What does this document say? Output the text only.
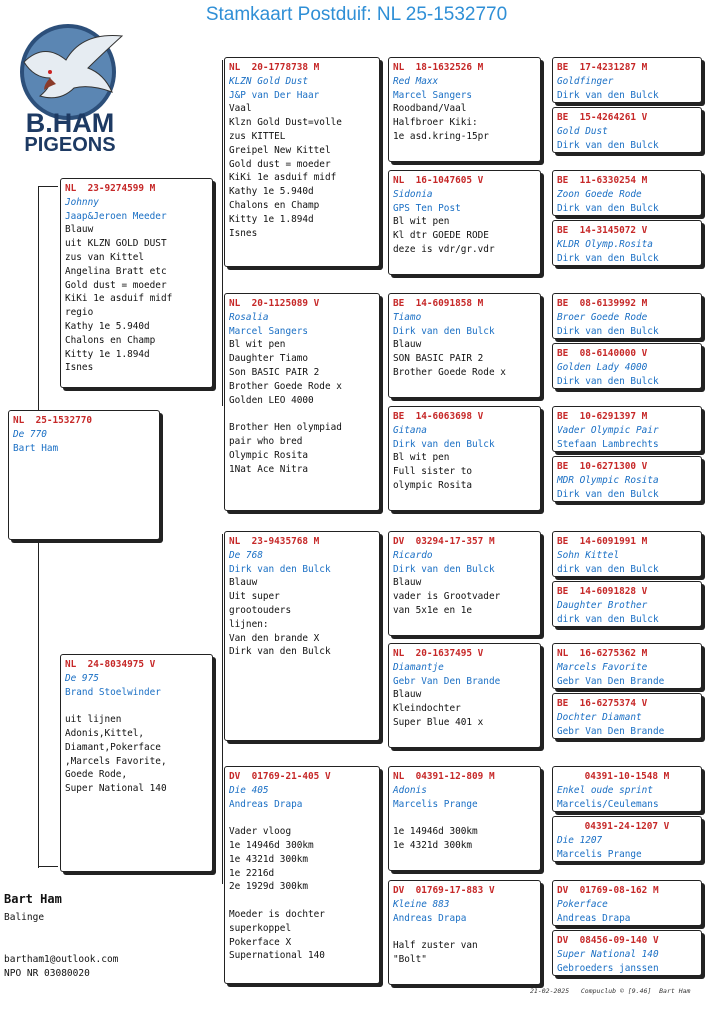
Stamkaart Postduif: NL 25-1532770
B.HAM
PIGEONS
NL  25-1532770
De 770
Bart Ham
NL  23-9274599 M
Johnny
Jaap&Jeroen Meeder
Blauw
uit KLZN GOLD DUST
zus van Kittel
Angelina Bratt etc
Gold dust = moeder
KiKi 1e asduif midf
regio
Kathy 1e 5.940d
Chalons en Champ
Kitty 1e 1.894d
Isnes
NL  24-8034975 V
De 975
Brand Stoelwinder

uit lijnen
Adonis,Kittel,
Diamant,Pokerface
,Marcels Favorite,
Goede Rode,
Super National 140
NL  20-1778738 M
KLZN Gold Dust
J&P van Der Haar
Vaal
Klzn Gold Dust=volle
zus KITTEL
Greipel New Kittel
Gold dust = moeder
KiKi 1e asduif midf
Kathy 1e 5.940d
Chalons en Champ
Kitty 1e 1.894d
Isnes
NL  20-1125089 V
Rosalia
Marcel Sangers
Bl wit pen
Daughter Tiamo
Son BASIC PAIR 2
Brother Goede Rode x
Golden LEO 4000

Brother Hen olympiad
pair who bred
Olympic Rosita
1Nat Ace Nitra
NL  23-9435768 M
De 768
Dirk van den Bulck
Blauw
Uit super
grootouders
lijnen:
Van den brande X
Dirk van den Bulck
DV  01769-21-405 V
Die 405
Andreas Drapa

Vader vloog
1e 14946d 300km
1e 4321d 300km
1e 2216d
2e 1929d 300km

Moeder is dochter
superkoppel
Pokerface X
Supernational 140
NL  18-1632526 M
Red Maxx
Marcel Sangers
Roodband/Vaal
Halfbroer Kiki:
1e asd.kring-15pr
NL  16-1047605 V
Sidonia
GPS Ten Post
Bl wit pen
Kl dtr GOEDE RODE
deze is vdr/gr.vdr
BE  14-6091858 M
Tiamo
Dirk van den Bulck
Blauw
SON BASIC PAIR 2
Brother Goede Rode x
BE  14-6063698 V
Gitana
Dirk van den Bulck
Bl wit pen
Full sister to
olympic Rosita
DV  03294-17-357 M
Ricardo
Dirk van den Bulck
Blauw
vader is Grootvader
van 5x1e en 1e
NL  20-1637495 V
Diamantje
Gebr Van Den Brande
Blauw
Kleindochter
Super Blue 401 x
NL  04391-12-809 M
Adonis
Marcelis Prange

1e 14946d 300km
1e 4321d 300km
DV  01769-17-883 V
Kleine 883
Andreas Drapa

Half zuster van
"Bolt"
BE  17-4231287 M
Goldfinger
Dirk van den Bulck
BE  15-4264261 V
Gold Dust
Dirk van den Bulck
BE  11-6330254 M
Zoon Goede Rode
Dirk van den Bulck
BE  14-3145072 V
KLDR Olymp.Rosita
Dirk van den Bulck
BE  08-6139992 M
Broer Goede Rode
Dirk van den Bulck
BE  08-6140000 V
Golden Lady 4000
Dirk van den Bulck
BE  10-6291397 M
Vader Olympic Pair
Stefaan Lambrechts
BE  10-6271300 V
MDR Olympic Rosita
Dirk van den Bulck
BE  14-6091991 M
Sohn Kittel
dirk van den Bulck
BE  14-6091828 V
Daughter Brother
dirk van den Bulck
NL  16-6275362 M
Marcels Favorite
Gebr Van Den Brande
BE  16-6275374 V
Dochter Diamant
Gebr Van Den Brande
04391-10-1548 M
Enkel oude sprint
Marcelis/Ceulemans
04391-24-1207 V
Die 1207
Marcelis Prange
DV  01769-08-162 M
Pokerface
Andreas Drapa
DV  08456-09-140 V
Super National 140
Gebroeders janssen
Bart Ham
Balinge
bartham1@outlook.com
NPO NR 03080020
21-02-2025   Compuclub © [9.46]  Bart Ham
